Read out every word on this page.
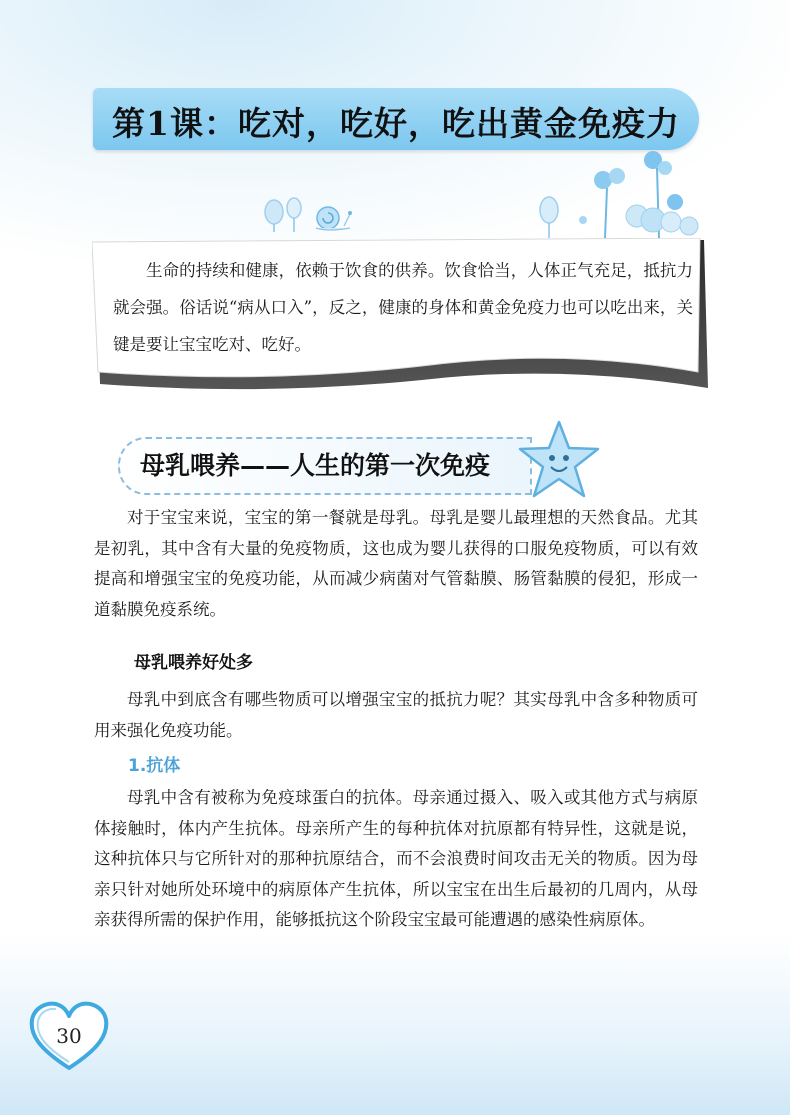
第1课：吃对，吃好，吃出黄金免疫力
生命的持续和健康，依赖于饮食的供养。饮食恰当，人体正气充足，抵抗力就会强。俗话说“病从口入”，反之，健康的身体和黄金免疫力也可以吃出来，关键是要让宝宝吃对、吃好。
母乳喂养——人生的第一次免疫
对于宝宝来说，宝宝的第一餐就是母乳。母乳是婴儿最理想的天然食品。尤其是初乳，其中含有大量的免疫物质，这也成为婴儿获得的口服免疫物质，可以有效提高和增强宝宝的免疫功能，从而减少病菌对气管黏膜、肠管黏膜的侵犯，形成一道黏膜免疫系统。
母乳喂养好处多
母乳中到底含有哪些物质可以增强宝宝的抵抗力呢？其实母乳中含多种物质可用来强化免疫功能。
1.抗体
母乳中含有被称为免疫球蛋白的抗体。母亲通过摄入、吸入或其他方式与病原体接触时，体内产生抗体。母亲所产生的每种抗体对抗原都有特异性，这就是说，这种抗体只与它所针对的那种抗原结合，而不会浪费时间攻击无关的物质。因为母亲只针对她所处环境中的病原体产生抗体，所以宝宝在出生后最初的几周内，从母亲获得所需的保护作用，能够抵抗这个阶段宝宝最可能遭遇的感染性病原体。
30
